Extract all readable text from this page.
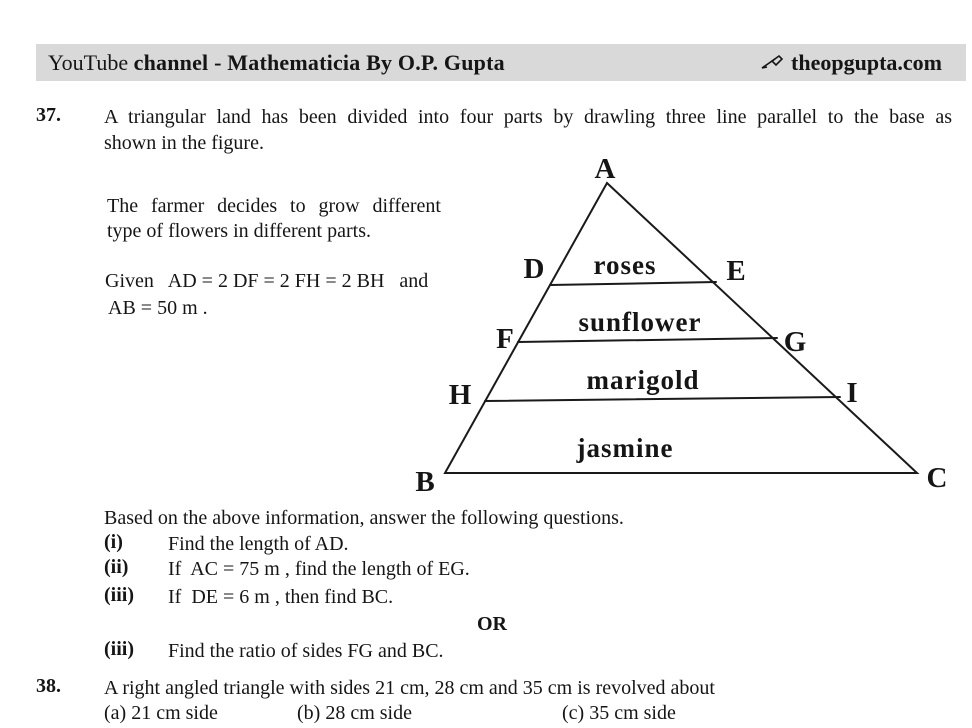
YouTube channel - Mathematicia By O.P. Gupta	theopgupta.com
37. A triangular land has been divided into four parts by drawling three line parallel to the base as
shown in the figure.
The farmer decides to grow different
type of flowers in different parts.
Given   AD = 2 DF = 2 FH = 2 BH   and
AB = 50 m .
A
B	C
D	E
F	G
H	I
roses
sunflower
marigold
jasmine
Based on the above information, answer the following questions.
(i) Find the length of AD.
(ii) If  AC = 75 m , find the length of EG.
(iii) If  DE = 6 m , then find BC.
OR
(iii) Find the ratio of sides FG and BC.
38. A right angled triangle with sides 21 cm, 28 cm and 35 cm is revolved about
(a) 21 cm side	(b) 28 cm side	(c) 35 cm side
